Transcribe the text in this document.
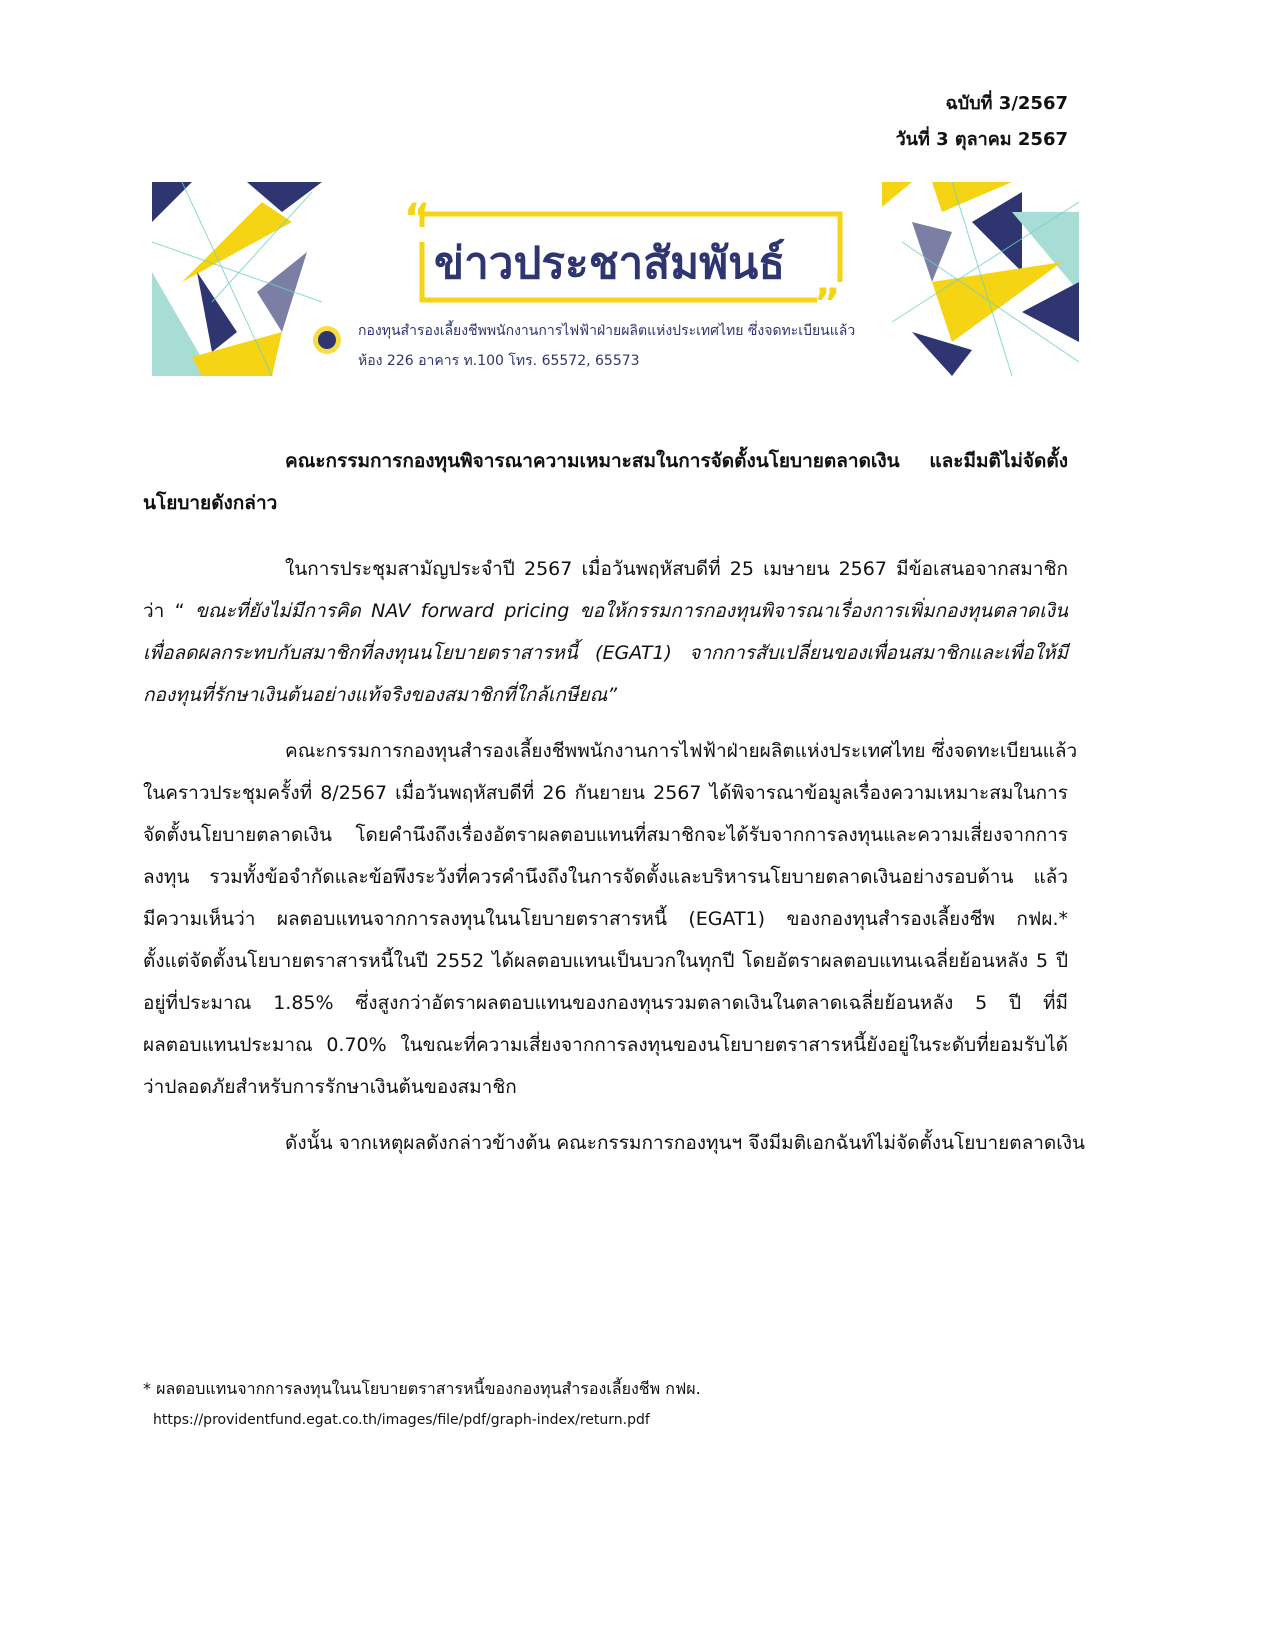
ฉบับที่ 3/2567
วันที่ 3 ตุลาคม 2567
“
”
ข่าวประชาสัมพันธ์
กองทุนสำรองเลี้ยงชีพพนักงานการไฟฟ้าฝ่ายผลิตแห่งประเทศไทย ซึ่งจดทะเบียนแล้ว
ห้อง 226 อาคาร ท.100 โทร. 65572, 65573
คณะกรรมการกองทุนพิจารณาความเหมาะสมในการจัดตั้งนโยบายตลาดเงิน และมีมติไม่จัดตั้ง
นโยบายดังกล่าว
ในการประชุมสามัญประจำปี 2567 เมื่อวันพฤหัสบดีที่ 25 เมษายน 2567 มีข้อเสนอจากสมาชิก
ว่า “ ขณะที่ยังไม่มีการคิด NAV forward pricing ขอให้กรรมการกองทุนพิจารณาเรื่องการเพิ่มกองทุนตลาดเงิน
เพื่อลดผลกระทบกับสมาชิกที่ลงทุนนโยบายตราสารหนี้ (EGAT1) จากการสับเปลี่ยนของเพื่อนสมาชิกและเพื่อให้มี
กองทุนที่รักษาเงินต้นอย่างแท้จริงของสมาชิกที่ใกล้เกษียณ”
คณะกรรมการกองทุนสำรองเลี้ยงชีพพนักงานการไฟฟ้าฝ่ายผลิตแห่งประเทศไทย ซึ่งจดทะเบียนแล้ว
ในคราวประชุมครั้งที่ 8/2567 เมื่อวันพฤหัสบดีที่ 26 กันยายน 2567 ได้พิจารณาข้อมูลเรื่องความเหมาะสมในการ
จัดตั้งนโยบายตลาดเงิน โดยคำนึงถึงเรื่องอัตราผลตอบแทนที่สมาชิกจะได้รับจากการลงทุนและความเสี่ยงจากการ
ลงทุน รวมทั้งข้อจำกัดและข้อพึงระวังที่ควรคำนึงถึงในการจัดตั้งและบริหารนโยบายตลาดเงินอย่างรอบด้าน แล้ว
มีความเห็นว่า ผลตอบแทนจากการลงทุนในนโยบายตราสารหนี้ (EGAT1) ของกองทุนสำรองเลี้ยงชีพ กฟผ.*
ตั้งแต่จัดตั้งนโยบายตราสารหนี้ในปี 2552 ได้ผลตอบแทนเป็นบวกในทุกปี โดยอัตราผลตอบแทนเฉลี่ยย้อนหลัง 5 ปี
อยู่ที่ประมาณ 1.85% ซึ่งสูงกว่าอัตราผลตอบแทนของกองทุนรวมตลาดเงินในตลาดเฉลี่ยย้อนหลัง 5 ปี ที่มี
ผลตอบแทนประมาณ 0.70% ในขณะที่ความเสี่ยงจากการลงทุนของนโยบายตราสารหนี้ยังอยู่ในระดับที่ยอมรับได้
ว่าปลอดภัยสำหรับการรักษาเงินต้นของสมาชิก
ดังนั้น จากเหตุผลดังกล่าวข้างต้น คณะกรรมการกองทุนฯ จึงมีมติเอกฉันท์ไม่จัดตั้งนโยบายตลาดเงิน
* ผลตอบแทนจากการลงทุนในนโยบายตราสารหนี้ของกองทุนสำรองเลี้ยงชีพ กฟผ.
https://providentfund.egat.co.th/images/file/pdf/graph-index/return.pdf
